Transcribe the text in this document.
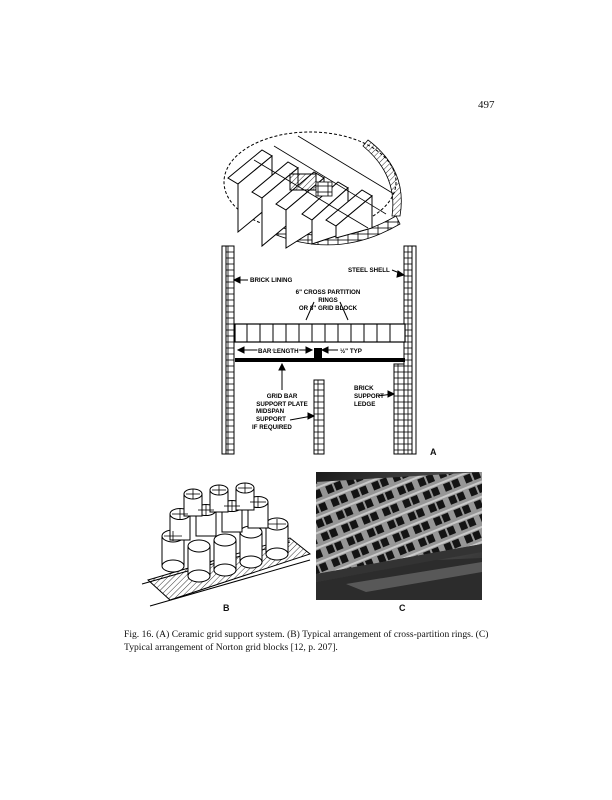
497
BRICK LINING
STEEL SHELL
6" CROSS PARTITION
RINGS
OR 8" GRID BLOCK
BAR LENGTH	½" TYP
GRID BAR
SUPPORT PLATE
BRICK
SUPPORT
LEDGE
MIDSPAN
SUPPORT
IF REQUIRED
A
B	C
Fig. 16. (A) Ceramic grid support system. (B) Typical arrangement of cross-partition rings. (C) Typical arrangement of Norton grid blocks [12, p. 207].
